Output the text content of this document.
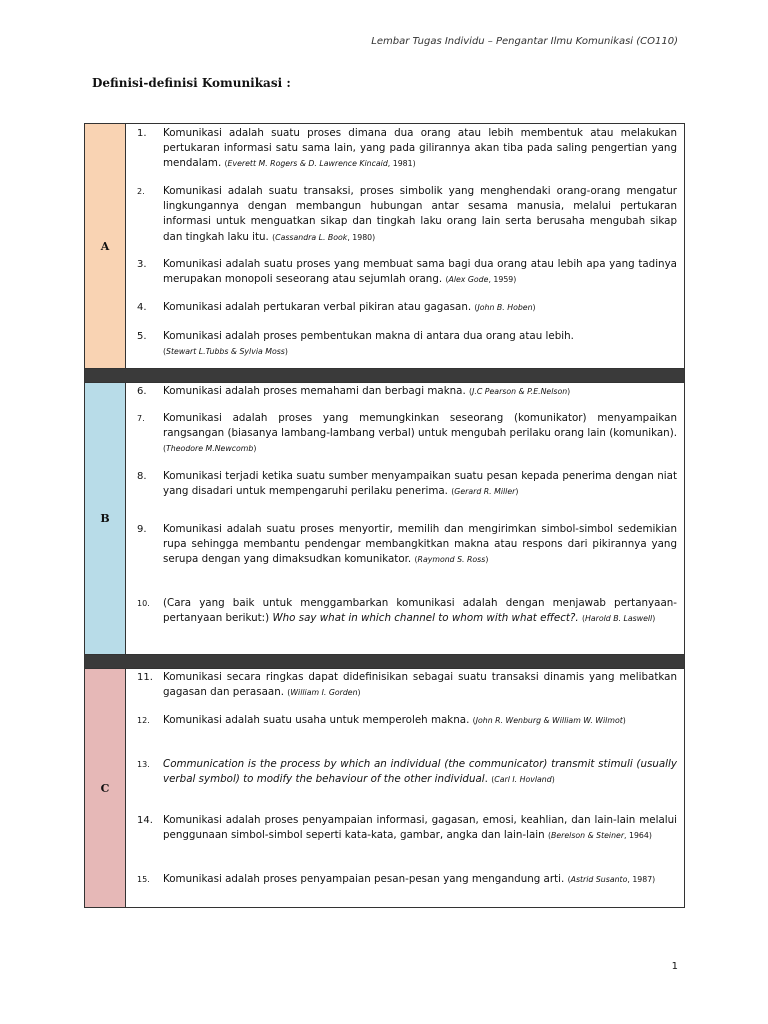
Lembar Tugas Individu – Pengantar Ilmu Komunikasi (CO110)
Definisi-definisi Komunikasi :
A
1.	Komunikasi adalah suatu proses dimana dua orang atau lebih membentuk atau melakukan pertukaran informasi satu sama lain, yang pada gilirannya akan tiba pada saling pengertian yang mendalam. (Everett M. Rogers & D. Lawrence Kincaid, 1981)
2.	Komunikasi adalah suatu transaksi, proses simbolik yang menghendaki orang-orang mengatur lingkungannya dengan membangun hubungan antar sesama manusia, melalui pertukaran informasi untuk menguatkan sikap dan tingkah laku orang lain serta berusaha mengubah sikap dan tingkah laku itu. (Cassandra L. Book, 1980)
3.	Komunikasi adalah suatu proses yang membuat sama bagi dua orang atau lebih apa yang tadinya merupakan monopoli seseorang atau sejumlah orang. (Alex Gode, 1959)
4.	Komunikasi adalah pertukaran verbal pikiran atau gagasan. (John B. Hoben)
5.	Komunikasi adalah proses pembentukan makna di antara dua orang atau lebih.
(Stewart L.Tubbs & Sylvia Moss)
B
6.	Komunikasi adalah proses memahami dan berbagi makna. (J.C Pearson & P.E.Nelson)
7.	Komunikasi adalah proses yang memungkinkan seseorang (komunikator) menyampaikan rangsangan (biasanya lambang-lambang verbal) untuk mengubah perilaku orang lain (komunikan). (Theodore M.Newcomb)
8.	Komunikasi terjadi ketika suatu sumber menyampaikan suatu pesan kepada penerima dengan niat yang disadari untuk mempengaruhi perilaku penerima. (Gerard R. Miller)
9.	Komunikasi adalah suatu proses menyortir, memilih dan mengirimkan simbol-simbol sedemikian rupa sehingga membantu pendengar membangkitkan makna atau respons dari pikirannya yang serupa dengan yang dimaksudkan komunikator. (Raymond S. Ross)
10.	(Cara yang baik untuk menggambarkan komunikasi adalah dengan menjawab pertanyaan-pertanyaan berikut:) Who say what in which channel to whom with what effect?. (Harold B. Laswell)
C
11. Komunikasi secara ringkas dapat didefinisikan sebagai suatu transaksi dinamis yang melibatkan gagasan dan perasaan. (William I. Gorden)
12.	Komunikasi adalah suatu usaha untuk memperoleh makna. (John R. Wenburg & William W. Wilmot)
13.	Communication is the process by which an individual (the communicator) transmit stimuli (usually verbal symbol) to modify the behaviour of the other individual. (Carl I. Hovland)
14. Komunikasi adalah proses penyampaian informasi, gagasan, emosi, keahlian, dan lain-lain melalui penggunaan simbol-simbol seperti kata-kata, gambar, angka dan lain-lain (Berelson & Steiner, 1964)
15.	Komunikasi adalah proses penyampaian pesan-pesan yang mengandung arti. (Astrid Susanto, 1987)
1
